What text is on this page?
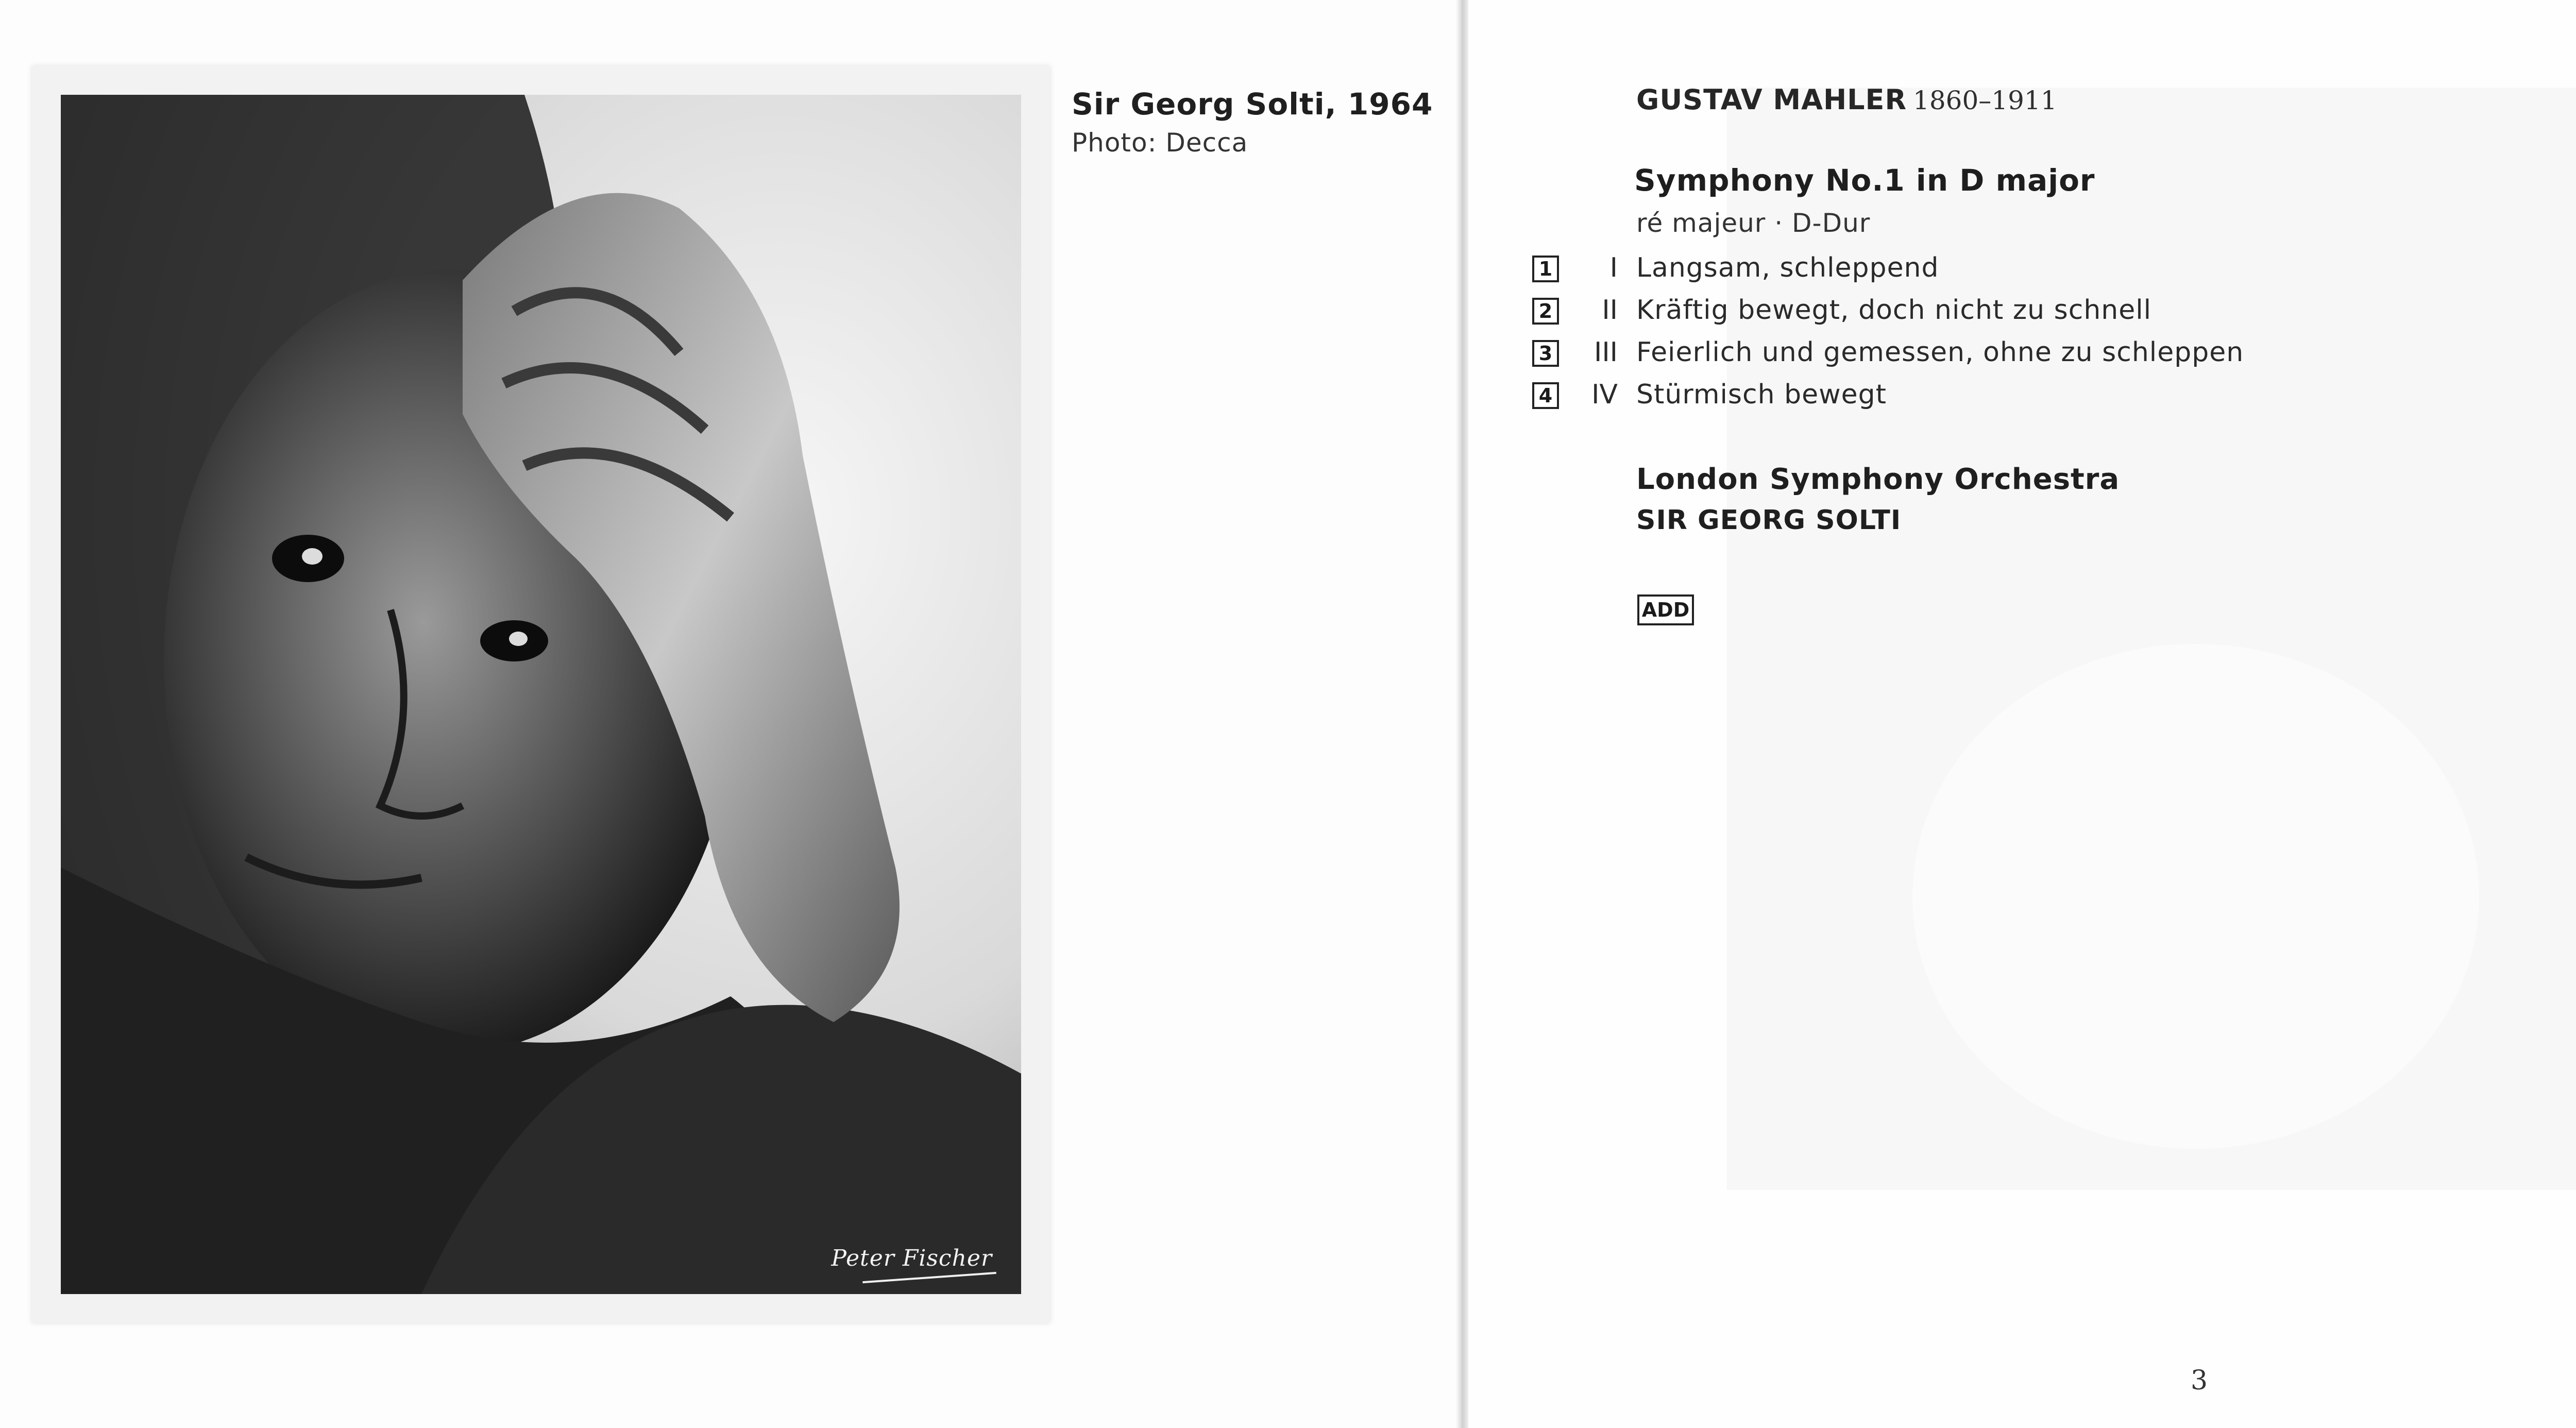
Peter Fischer
Sir Georg Solti, 1964
Photo: Decca
GUSTAV MAHLER 1860–1911
Symphony No.1 in D major
ré majeur · D-Dur
1	I Langsam, schleppend
2	II Kräftig bewegt, doch nicht zu schnell
3	III Feierlich und gemessen, ohne zu schleppen
4	IV Stürmisch bewegt
London Symphony Orchestra
SIR GEORG SOLTI
ADD
3
